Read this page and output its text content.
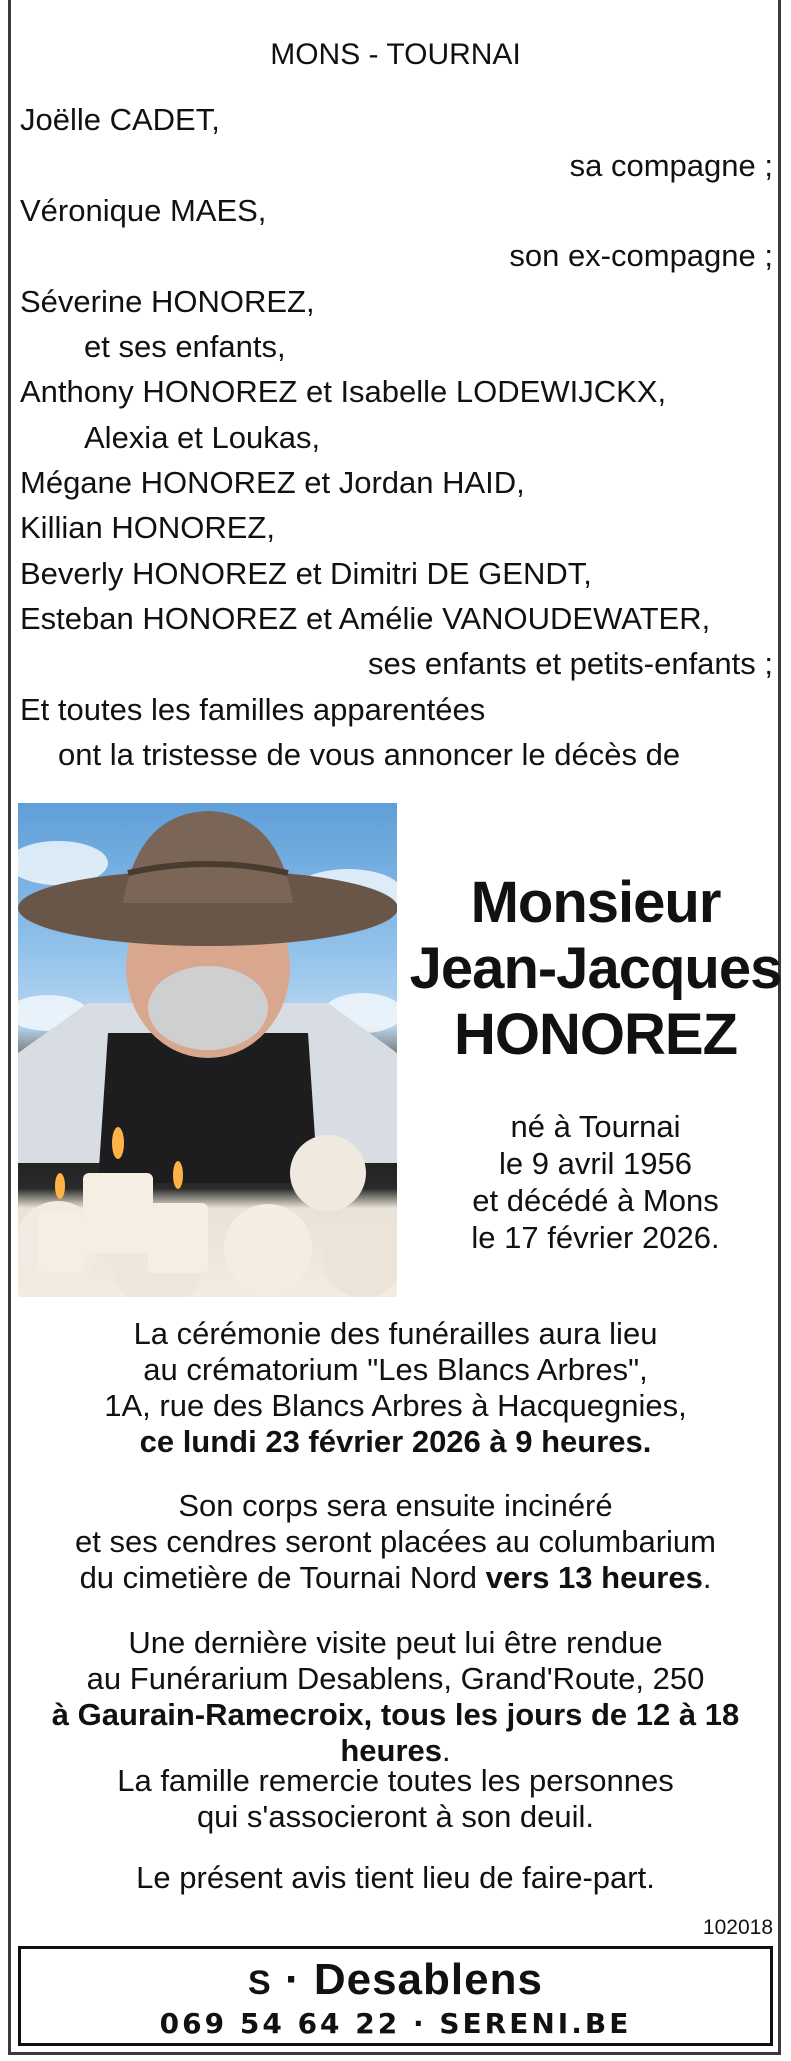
MONS - TOURNAI
Joëlle CADET,
sa compagne ;
Véronique MAES,
son ex-compagne ;
Séverine HONOREZ,
et ses enfants,
Anthony HONOREZ et Isabelle LODEWIJCKX,
Alexia et Loukas,
Mégane HONOREZ et Jordan HAID,
Killian HONOREZ,
Beverly HONOREZ et Dimitri DE GENDT,
Esteban HONOREZ et Amélie VANOUDEWATER,
ses enfants et petits-enfants ;
Et toutes les familles apparentées
ont la tristesse de vous annoncer le décès de
Monsieur
Jean-Jacques
HONOREZ
né à Tournai
le 9 avril 1956
et décédé à Mons
le 17 février 2026.
La cérémonie des funérailles aura lieu
au crématorium "Les Blancs Arbres",
1A, rue des Blancs Arbres à Hacquegnies,
ce lundi 23 février 2026 à 9 heures.
Son corps sera ensuite incinéré
et ses cendres seront placées au columbarium
du cimetière de Tournai Nord vers 13 heures.
Une dernière visite peut lui être rendue
au Funérarium Desablens, Grand'Route, 250
à Gaurain-Ramecroix, tous les jours de 12 à 18 heures.
La famille remercie toutes les personnes
qui s'associeront à son deuil.
Le présent avis tient lieu de faire-part.
102018
S · Desablens
069 54 64 22 · SERENI.BE
